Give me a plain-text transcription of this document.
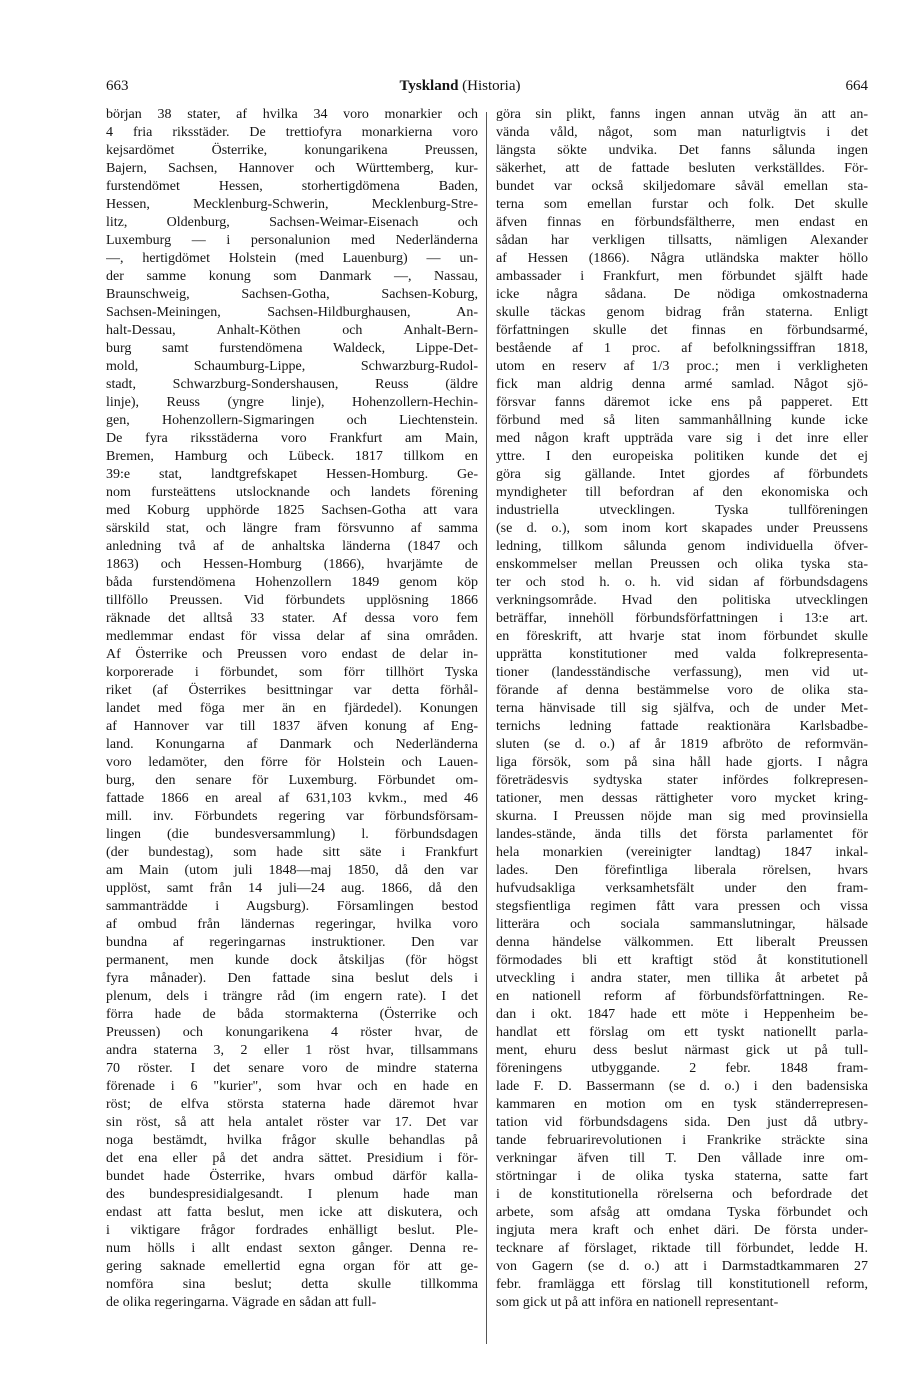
663	Tyskland (Historia)	664
början 38 stater, af hvilka 34 voro monarkier och
4 fria riksstäder. De trettiofyra monarkierna voro
kejsardömet Österrike, konungarikena Preussen,
Bajern, Sachsen, Hannover och Württemberg, kur-
furstendömet Hessen, storhertigdömena Baden,
Hessen, Mecklenburg-Schwerin, Mecklenburg-Stre-
litz, Oldenburg, Sachsen-Weimar-Eisenach och
Luxemburg — i personalunion med Nederländerna
—, hertigdömet Holstein (med Lauenburg) — un-
der samme konung som Danmark —, Nassau,
Braunschweig, Sachsen-Gotha, Sachsen-Koburg,
Sachsen-Meiningen, Sachsen-Hildburghausen, An-
halt-Dessau, Anhalt-Köthen och Anhalt-Bern-
burg samt furstendömena Waldeck, Lippe-Det-
mold, Schaumburg-Lippe, Schwarzburg-Rudol-
stadt, Schwarzburg-Sondershausen, Reuss (äldre
linje), Reuss (yngre linje), Hohenzollern-Hechin-
gen, Hohenzollern-Sigmaringen och Liechtenstein.
De fyra riksstäderna voro Frankfurt am Main,
Bremen, Hamburg och Lübeck. 1817 tillkom en
39:e stat, landtgrefskapet Hessen-Homburg. Ge-
nom fursteättens utslocknande och landets förening
med Koburg upphörde 1825 Sachsen-Gotha att vara
särskild stat, och längre fram försvunno af samma
anledning två af de anhaltska länderna (1847 och
1863) och Hessen-Homburg (1866), hvarjämte de
båda furstendömena Hohenzollern 1849 genom köp
tillföllo Preussen. Vid förbundets upplösning 1866
räknade det alltså 33 stater. Af dessa voro fem
medlemmar endast för vissa delar af sina områden.
Af Österrike och Preussen voro endast de delar in-
korporerade i förbundet, som förr tillhört Tyska
riket (af Österrikes besittningar var detta förhål-
landet med föga mer än en fjärdedel). Konungen
af Hannover var till 1837 äfven konung af Eng-
land. Konungarna af Danmark och Nederländerna
voro ledamöter, den förre för Holstein och Lauen-
burg, den senare för Luxemburg. Förbundet om-
fattade 1866 en areal af 631,103 kvkm., med 46
mill. inv. Förbundets regering var förbundsförsam-
lingen (die bundesversammlung) l. förbundsdagen
(der bundestag), som hade sitt säte i Frankfurt
am Main (utom juli 1848—maj 1850, då den var
upplöst, samt från 14 juli—24 aug. 1866, då den
sammanträdde i Augsburg). Församlingen bestod
af ombud från ländernas regeringar, hvilka voro
bundna af regeringarnas instruktioner. Den var
permanent, men kunde dock åtskiljas (för högst
fyra månader). Den fattade sina beslut dels i
plenum, dels i trängre råd (im engern rate). I det
förra hade de båda stormakterna (Österrike och
Preussen) och konungarikena 4 röster hvar, de
andra staterna 3, 2 eller 1 röst hvar, tillsammans
70 röster. I det senare voro de mindre staterna
förenade i 6 "kurier", som hvar och en hade en
röst; de elfva största staterna hade däremot hvar
sin röst, så att hela antalet röster var 17. Det var
noga bestämdt, hvilka frågor skulle behandlas på
det ena eller på det andra sättet. Presidium i för-
bundet hade Österrike, hvars ombud därför kalla-
des bundespresidialgesandt. I plenum hade man
endast att fatta beslut, men icke att diskutera, och
i viktigare frågor fordrades enhälligt beslut. Ple-
num hölls i allt endast sexton gånger. Denna re-
gering saknade emellertid egna organ för att ge-
nomföra sina beslut; detta skulle tillkomma
de olika regeringarna. Vägrade en sådan att full-
göra sin plikt, fanns ingen annan utväg än att an-
vända våld, något, som man naturligtvis i det
längsta sökte undvika. Det fanns sålunda ingen
säkerhet, att de fattade besluten verkställdes. För-
bundet var också skiljedomare såväl emellan sta-
terna som emellan furstar och folk. Det skulle
äfven finnas en förbundsfältherre, men endast en
sådan har verkligen tillsatts, nämligen Alexander
af Hessen (1866). Några utländska makter höllo
ambassader i Frankfurt, men förbundet själft hade
icke några sådana. De nödiga omkostnaderna
skulle täckas genom bidrag från staterna. Enligt
författningen skulle det finnas en förbundsarmé,
bestående af 1 proc. af befolkningssiffran 1818,
utom en reserv af 1/3 proc.; men i verkligheten
fick man aldrig denna armé samlad. Något sjö-
försvar fanns däremot icke ens på papperet. Ett
förbund med så liten sammanhållning kunde icke
med någon kraft uppträda vare sig i det inre eller
yttre. I den europeiska politiken kunde det ej
göra sig gällande. Intet gjordes af förbundets
myndigheter till befordran af den ekonomiska och
industriella utvecklingen. Tyska tullföreningen
(se d. o.), som inom kort skapades under Preussens
ledning, tillkom sålunda genom individuella öfver-
enskommelser mellan Preussen och olika tyska sta-
ter och stod h. o. h. vid sidan af förbundsdagens
verkningsområde. Hvad den politiska utvecklingen
beträffar, innehöll förbundsförfattningen i 13:e art.
en föreskrift, att hvarje stat inom förbundet skulle
upprätta konstitutioner med valda folkrepresenta-
tioner (landesständische verfassung), men vid ut-
förande af denna bestämmelse voro de olika sta-
terna hänvisade till sig själfva, och de under Met-
ternichs ledning fattade reaktionära Karlsbadbe-
sluten (se d. o.) af år 1819 afbröto de reformvän-
liga försök, som på sina håll hade gjorts. I några
företrädesvis sydtyska stater infördes folkrepresen-
tationer, men dessas rättigheter voro mycket kring-
skurna. I Preussen nöjde man sig med provinsiella
landes-stände, ända tills det första parlamentet för
hela monarkien (vereinigter landtag) 1847 inkal-
lades. Den förefintliga liberala rörelsen, hvars
hufvudsakliga verksamhetsfält under den fram-
stegsfientliga regimen fått vara pressen och vissa
litterära och sociala sammanslutningar, hälsade
denna händelse välkommen. Ett liberalt Preussen
förmodades bli ett kraftigt stöd åt konstitutionell
utveckling i andra stater, men tillika åt arbetet på
en nationell reform af förbundsförfattningen. Re-
dan i okt. 1847 hade ett möte i Heppenheim be-
handlat ett förslag om ett tyskt nationellt parla-
ment, ehuru dess beslut närmast gick ut på tull-
föreningens utbyggande. 2 febr. 1848 fram-
lade F. D. Bassermann (se d. o.) i den badensiska
kammaren en motion om en tysk ständerrepresen-
tation vid förbundsdagens sida. Den just då utbry-
tande februarirevolutionen i Frankrike sträckte sina
verkningar äfven till T. Den vållade inre om-
störtningar i de olika tyska staterna, satte fart
i de konstitutionella rörelserna och befordrade det
arbete, som afsåg att omdana Tyska förbundet och
ingjuta mera kraft och enhet däri. De första under-
tecknare af förslaget, riktade till förbundet, ledde H.
von Gagern (se d. o.) att i Darmstadtkammaren 27
febr. framlägga ett förslag till konstitutionell reform,
som gick ut på att införa en nationell representant-
